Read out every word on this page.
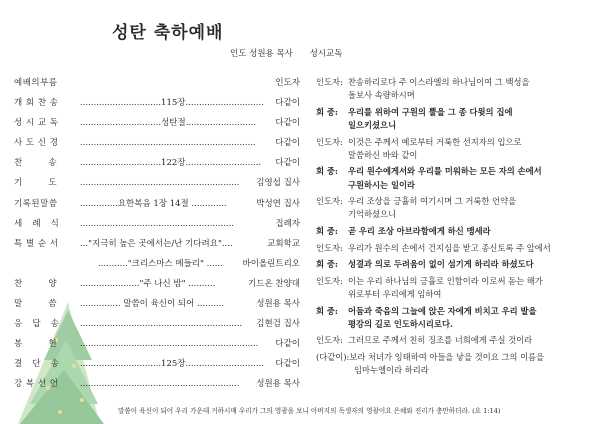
성탄 축하예배
인도 성원용 목사 성시교독
예배의부름	인도자
개 회 찬 송	..............................115장............................. 다같이
성 시 교 독	..............................성탄절.......................... 다같이
사 도 신 경	................................................................. 다같이
찬        송	..............................122장............................ 다같이
기        도	........................................................... 김영섭 집사
기록된말씀	..............요한복음 1장 14절 .............	박성연 집사
세   례   식	.........................................................	집례자
특 별 순 서	..."지극히 높은 곳에서는/난 기다려요"....	교회학교
..........."크리스마스 메들리" ...... 바이올린트리오
찬        양	......................"주 나신 밤" ..........	기드온 찬양대
말        씀	............... 말씀이 육신이 되어 ..........	성원용 목사
응   답   송	............................................................ 김현검 집사
봉        헌	.................................................................. 다같이
결   단   송	..............................125장............................. 다같이
강 복 선 언	........................................................... 성원용 목사
인도자: 찬송하리로다 주 이스라엘의 하나님이여 그 백성을
돌보사 속량하시며
회 중:	우리를 위하여 구원의 뿔을 그 종 다윗의 집에
일으키셨으니
인도자: 이것은 주께서 예로부터 거룩한 선지자의 입으로
말씀하신 바와 같이
회 중:	우리 원수에게서와 우리를 미워하는 모든 자의 손에서
구원하시는 일이라
인도자: 우리 조상을 긍휼히 여기시며 그 거룩한 언약을
기억하셨으니
회 중:	곧 우리 조상 아브라함에게 하신 맹세라
인도자: 우리가 원수의 손에서 건지심을 받고 종신토록 주 앞에서
회 중:	성결과 의로 두려움이 없이 섬기게 하리라 하셨도다
인도자: 이는 우리 하나님의 긍휼로 인함이라 이로써 돋는 해가
위로부터 우리에게 임하여
회 중:	어둠과 죽음의 그늘에 앉은 자에게 비치고 우리 발을
평강의 길로 인도하시리로다.
인도자: 그러므로 주께서 친히 징조를 너희에게 주실 것이라
(다같이): 보라 처녀가 잉태하여 아들을 낳을 것이요 그의 이름을
임마누엘이라 하리라
말씀이 육신이 되어 우리 가운데 거하시매 우리가 그의 영광을 보니 아버지의 독생자의 영광이요 은혜와 진리가 충만하더라. (요 1:14)
